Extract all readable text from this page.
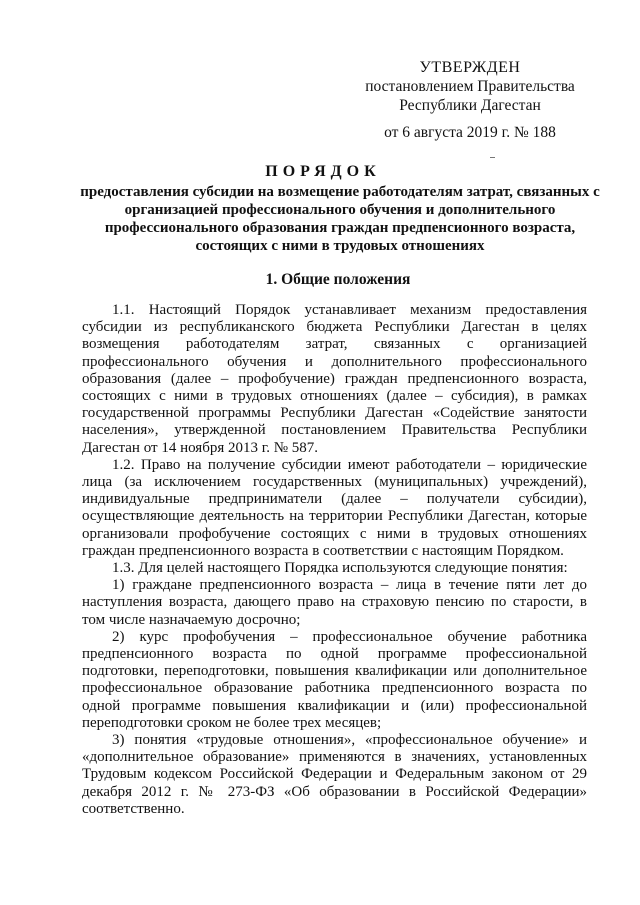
УТВЕРЖДЕН
постановлением Правительства
Республики Дагестан
от 6 августа 2019 г. № 188
ПОРЯДОК
предоставления субсидии на возмещение работодателям затрат, связанных с организацией профессионального обучения и дополнительного профессионального образования граждан предпенсионного возраста, состоящих с ними в трудовых отношениях
1. Общие положения

1.1. Настоящий Порядок устанавливает механизм предоставления субсидии из республиканского бюджета Республики Дагестан в целях возмещения работодателям затрат, связанных с организацией профессионального обучения и дополнительного профессионального образования (далее – профобучение) граждан предпенсионного возраста, состоящих с ними в трудовых отношениях (далее – субсидия), в рамках государственной программы Республики Дагестан «Содействие занятости населения», утвержденной постановлением Правительства Республики Дагестан от 14 ноября 2013 г. № 587.

1.2. Право на получение субсидии имеют работодатели – юридические лица (за исключением государственных (муниципальных) учреждений), индивидуальные предприниматели (далее – получатели субсидии), осуществляющие деятельность на территории Республики Дагестан, которые организовали профобучение состоящих с ними в трудовых отношениях граждан предпенсионного возраста в соответствии с настоящим Порядком.

1.3. Для целей настоящего Порядка используются следующие понятия:

1) граждане предпенсионного возраста – лица в течение пяти лет до наступления возраста, дающего право на страховую пенсию по старости, в том числе назначаемую досрочно;

2) курс профобучения – профессиональное обучение работника предпенсионного возраста по одной программе профессиональной подготовки, переподготовки, повышения квалификации или дополнительное профессиональное образование работника предпенсионного возраста по одной программе повышения квалификации и (или) профессиональной переподготовки сроком не более трех месяцев;

3) понятия «трудовые отношения», «профессиональное обучение» и «дополнительное образование» применяются в значениях, установленных Трудовым кодексом Российской Федерации и Федеральным законом от 29 декабря 2012 г. № 273-ФЗ «Об образовании в Российской Федерации» соответственно.
